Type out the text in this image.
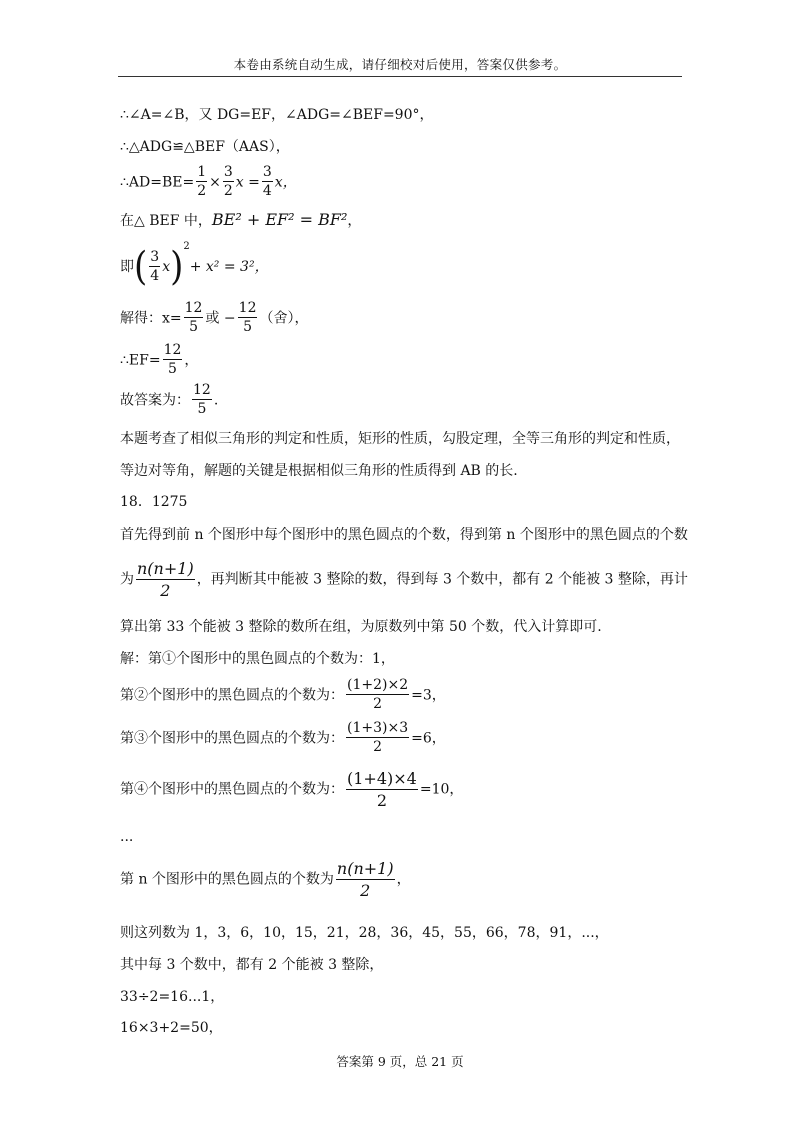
本卷由系统自动生成，请仔细校对后使用，答案仅供参考。
∴∠A=∠B，又 DG=EF，∠ADG=∠BEF=90°，
∴△ADG≌△BEF（AAS），
∴AD=BE= $\frac{1}{2} \times \frac{3}{2}$ $x = \frac{3}{4}$ x，
在△ BEF 中，BE² + EF² = BF²，
即( $\frac{3}{4} x)^2+ x^2 = 3^2$，
解得：$x= \frac{12}{5}$ 或 − $\frac{12}{5}$ （舍），
∴EF= $\frac{12}{5}$ ，
故答案为： $\frac{12}{5}$ .
本题考查了相似三角形的判定和性质，矩形的性质，勾股定理，全等三角形的判定和性质，
等边对等角，解题的关键是根据相似三角形的性质得到 AB 的长.
18．1275
首先得到前 n 个图形中每个图形中的黑色圆点的个数，得到第 n 个图形中的黑色圆点的个数
为 $\frac{n(n+1)}{2}$ ，再判断其中能被 3 整除的数，得到每 3 个数中，都有 2 个能被 3 整除，再计
算出第 33 个能被 3 整除的数所在组，为原数列中第 50 个数，代入计算即可.
解：第①个图形中的黑色圆点的个数为：1，
第②个图形中的黑色圆点的个数为： $\frac{(1+2)\times 2}{2} =3$，
第③个图形中的黑色圆点的个数为： $\frac{(1+3)\times 3}{2} =6$，
第④个图形中的黑色圆点的个数为： $\frac{(1+4)\times 4}{2} =10$，
...
第 n 个图形中的黑色圆点的个数为 $\frac{n(n+1)}{2}$ ，
则这列数为 1，3，6，10，15，21，28，36，45，55，66，78，91，...，
其中每 3 个数中，都有 2 个能被 3 整除，
33÷2=16...1，
16×3+2=50，
答案第 9 页，总 21 页
